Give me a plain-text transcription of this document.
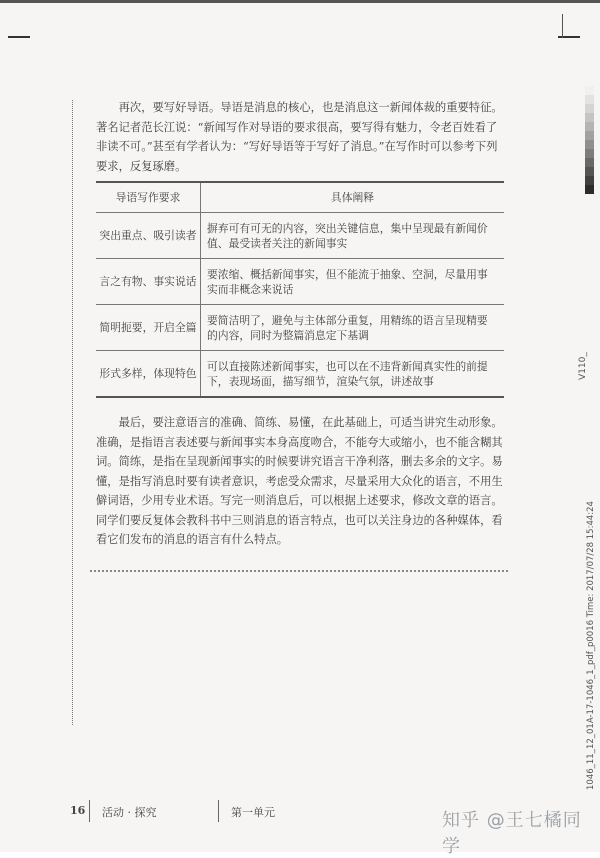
V110_
1046_11_12_01A-17-1046_1_pdf_p0016 Time: 2017/07/28 15:44:24

再次，要写好导语。导语是消息的核心，也是消息这一新闻体裁的重要特征。著名记者范长江说：“新闻写作对导语的要求很高，要写得有魅力，令老百姓看了非读不可。”甚至有学者认为：“写好导语等于写好了消息。”在写作时可以参考下列要求，反复琢磨。

导语写作要求	具体阐释
突出重点、吸引读者	摒弃可有可无的内容，突出关键信息，集中呈现最有新闻价值、最受读者关注的新闻事实
言之有物、事实说话	要浓缩、概括新闻事实，但不能流于抽象、空洞，尽量用事实而非概念来说话
简明扼要，开启全篇	要简洁明了，避免与主体部分重复，用精练的语言呈现精要的内容，同时为整篇消息定下基调
形式多样，体现特色	可以直接陈述新闻事实，也可以在不违背新闻真实性的前提下，表现场面，描写细节，渲染气氛，讲述故事

最后，要注意语言的准确、简练、易懂，在此基础上，可适当讲究生动形象。准确，是指语言表述要与新闻事实本身高度吻合，不能夸大或缩小，也不能含糊其词。简练，是指在呈现新闻事实的时候要讲究语言干净利落，删去多余的文字。易懂，是指写消息时要有读者意识，考虑受众需求，尽量采用大众化的语言，不用生僻词语，少用专业术语。写完一则消息后，可以根据上述要求，修改文章的语言。同学们要反复体会教科书中三则消息的语言特点，也可以关注身边的各种媒体，看看它们发布的消息的语言有什么特点。

16 活动 · 探究	第一单元	知乎 @王七橘同学
